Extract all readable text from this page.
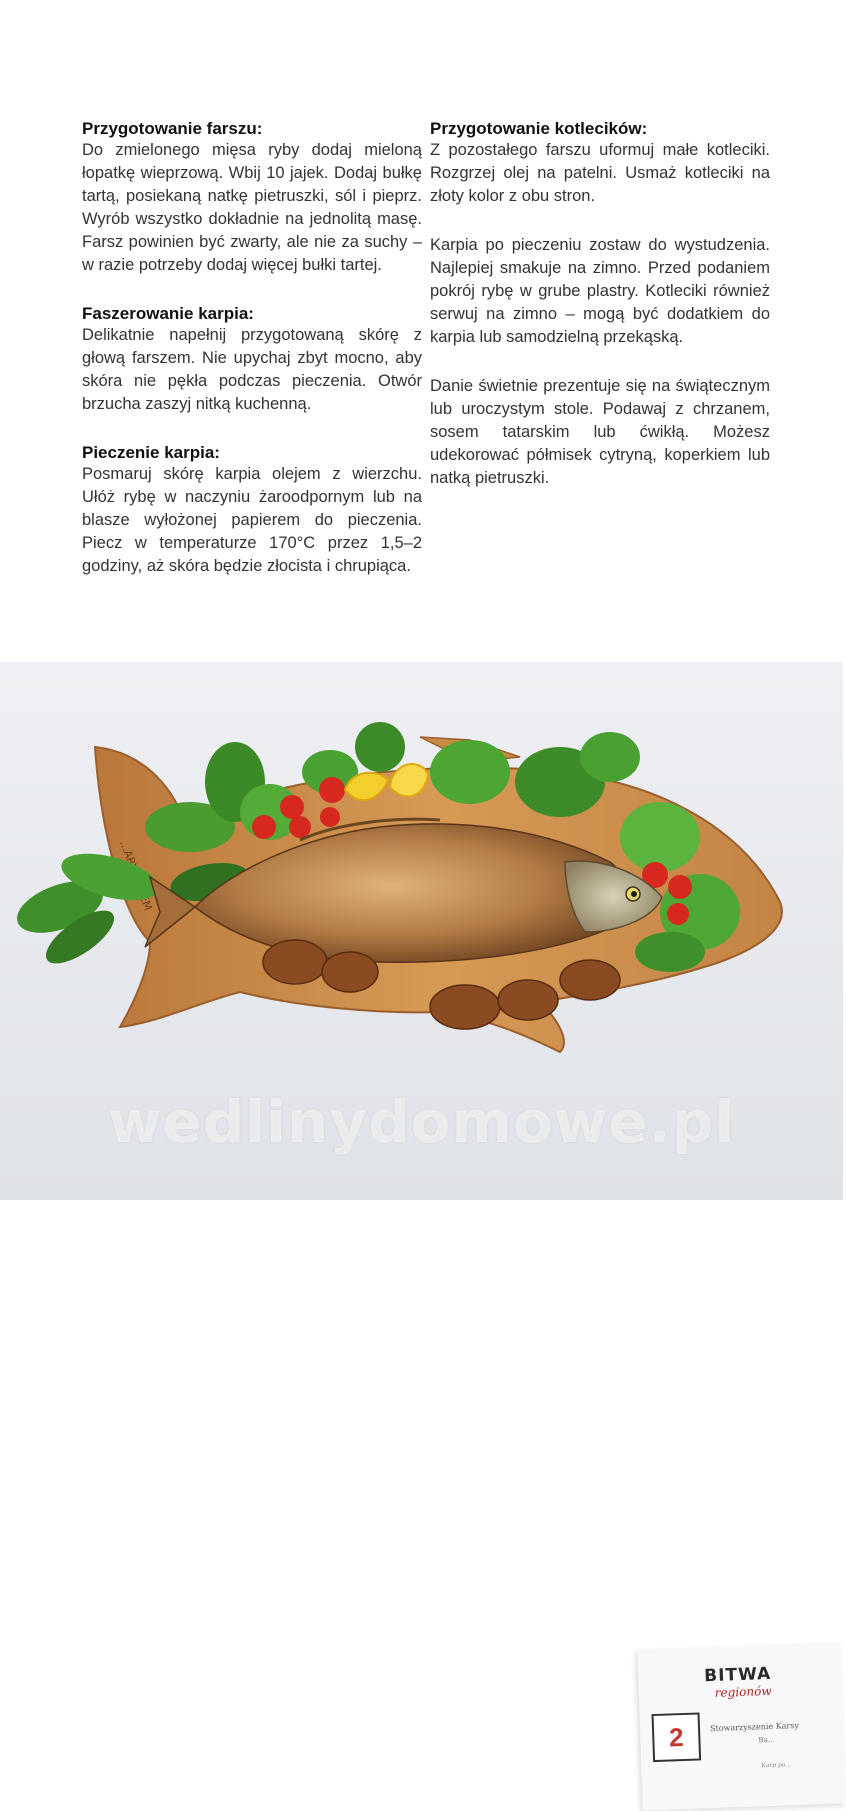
Przygotowanie farszu:

Do zmielonego mięsa ryby dodaj mieloną łopatkę wieprzową. Wbij 10 jajek. Dodaj bułkę tartą, posiekaną natkę pietruszki, sól i pieprz. Wyrób wszystko dokładnie na jednolitą masę. Farsz powinien być zwarty, ale nie za suchy – w razie potrzeby dodaj więcej bułki tartej.

Faszerowanie karpia:

Delikatnie napełnij przygotowaną skórę z głową farszem. Nie upychaj zbyt mocno, aby skóra nie pękła podczas pieczenia. Otwór brzucha zaszyj nitką kuchenną.

Pieczenie karpia:

Posmaruj skórę karpia olejem z wierzchu. Ułóż rybę w naczyniu żaroodpornym lub na blasze wyłożonej papierem do pieczenia. Piecz w temperaturze 170°C przez 1,5–2 godziny, aż skóra będzie złocista i chrupiąca.

Przygotowanie kotlecików:

Z pozostałego farszu uformuj małe kotleciki. Rozgrzej olej na patelni. Usmaż kotleciki na złoty kolor z obu stron.

Karpia po pieczeniu zostaw do wystudzenia. Najlepiej smakuje na zimno. Przed podaniem pokrój rybę w grube plastry. Kotleciki również serwuj na zimno – mogą być dodatkiem do karpia lub samodzielną przekąską.

Danie świetnie prezentuje się na świątecznym lub uroczystym stole. Podawaj z chrzanem, sosem tatarskim lub ćwikłą. Możesz udekorować półmisek cytryną, koperkiem lub natką pietruszki.

BITWA
regionów
2	Stowarzyszenie Karsy
Ba...
Karp po...
wedlinydomowe.pl
